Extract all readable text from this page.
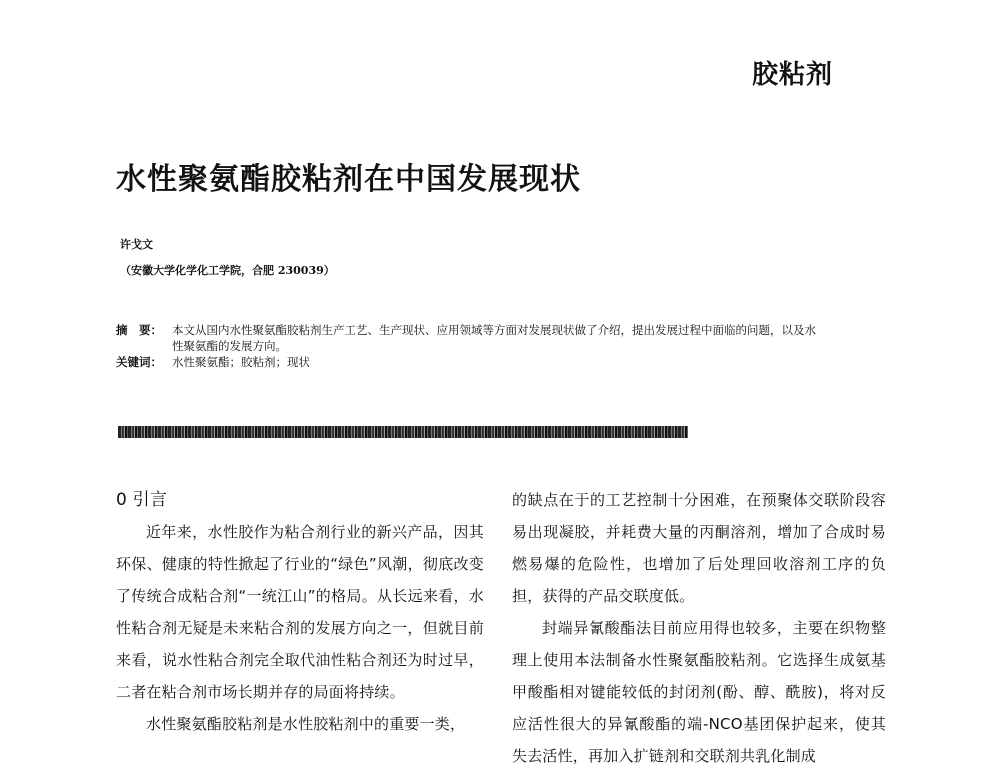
胶粘剂
水性聚氨酯胶粘剂在中国发展现状
许戈文
（安徽大学化学化工学院，合肥 230039）
摘　要： 本文从国内水性聚氨酯胶粘剂生产工艺、生产现状、应用领域等方面对发展现状做了介绍，提出发展过程中面临的问题，以及水性聚氨酯的发展方向。
关键词： 水性聚氨酯；胶粘剂；现状
0 引言

近年来，水性胶作为粘合剂行业的新兴产品，因其环保、健康的特性掀起了行业的“绿色”风潮，彻底改变了传统合成粘合剂“一统江山”的格局。从长远来看，水性粘合剂无疑是未来粘合剂的发展方向之一，但就目前来看，说水性粘合剂完全取代油性粘合剂还为时过早，二者在粘合剂市场长期并存的局面将持续。

水性聚氨酯胶粘剂是水性胶粘剂中的重要一类，

的缺点在于的工艺控制十分困难，在预聚体交联阶段容易出现凝胶，并耗费大量的丙酮溶剂，增加了合成时易燃易爆的危险性，也增加了后处理回收溶剂工序的负担，获得的产品交联度低。

封端异氰酸酯法目前应用得也较多，主要在织物整理上使用本法制备水性聚氨酯胶粘剂。它选择生成氨基甲酸酯相对键能较低的封闭剂(酚、醇、酰胺)，将对反应活性很大的异氰酸酯的端-NCO基团保护起来，使其失去活性，再加入扩链剂和交联剂共乳化制成
